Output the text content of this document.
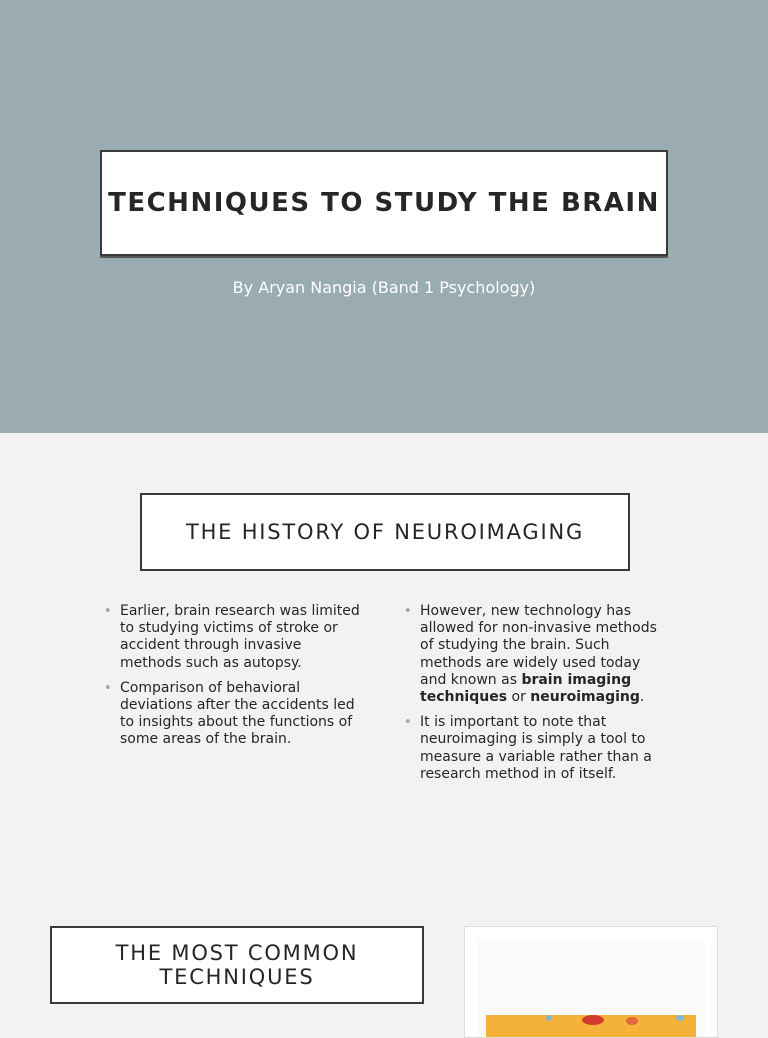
TECHNIQUES TO STUDY THE BRAIN
By Aryan Nangia (Band 1 Psychology)
THE HISTORY OF NEUROIMAGING
• Earlier, brain research was limited to studying victims of stroke or accident through invasive methods such as autopsy.
• Comparison of behavioral deviations after the accidents led to insights about the functions of some areas of the brain.
• However, new technology has allowed for non-invasive methods of studying the brain. Such methods are widely used today and known as brain imaging techniques or neuroimaging.
• It is important to note that neuroimaging is simply a tool to measure a variable rather than a research method in of itself.
THE MOST COMMON
TECHNIQUES
